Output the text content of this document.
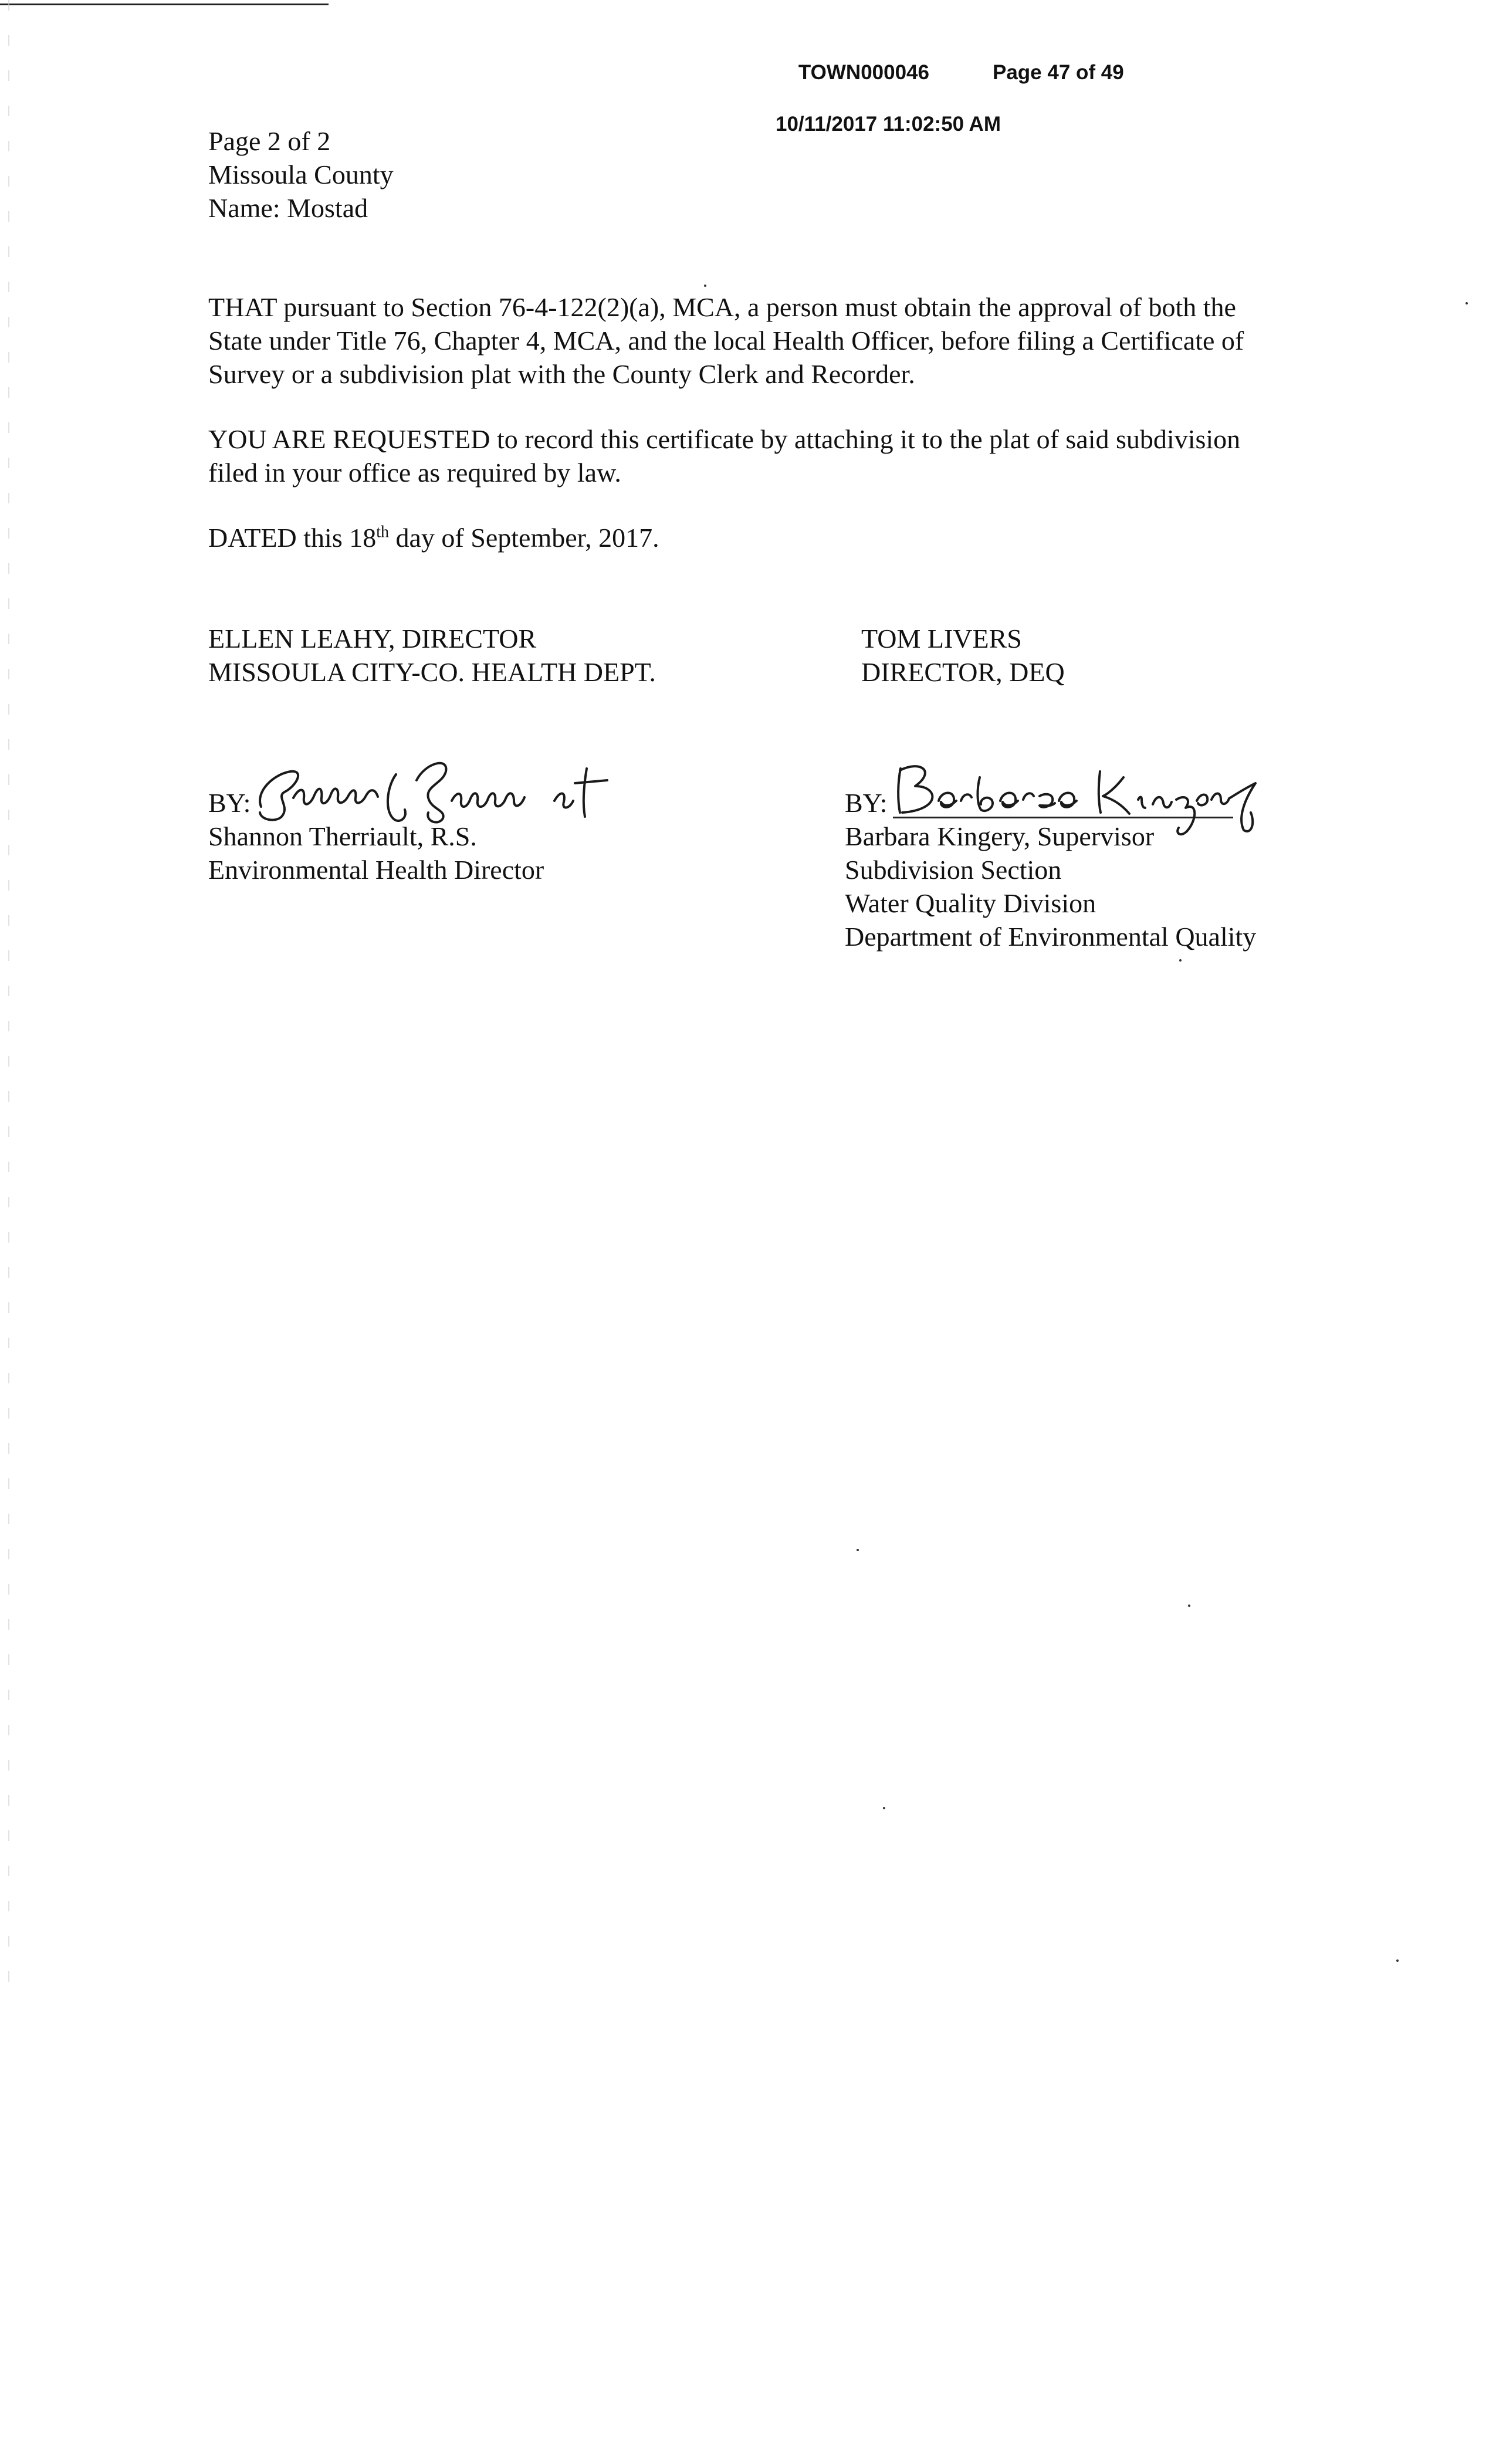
TOWN000046	Page 47 of 49

10/11/2017 11:02:50 AM
Page 2 of 2
Missoula County
Name: Mostad
THAT pursuant to Section 76-4-122(2)(a), MCA, a person must obtain the approval of both the
State under Title 76, Chapter 4, MCA, and the local Health Officer, before filing a Certificate of
Survey or a subdivision plat with the County Clerk and Recorder.
YOU ARE REQUESTED to record this certificate by attaching it to the plat of said subdivision
filed in your office as required by law.
DATED this 18th day of September, 2017.
ELLEN LEAHY, DIRECTOR
MISSOULA CITY-CO. HEALTH DEPT.
TOM LIVERS
DIRECTOR, DEQ
BY:
Shannon Therriault, R.S.
Environmental Health Director
BY:
Barbara Kingery, Supervisor
Subdivision Section
Water Quality Division
Department of Environmental Quality
